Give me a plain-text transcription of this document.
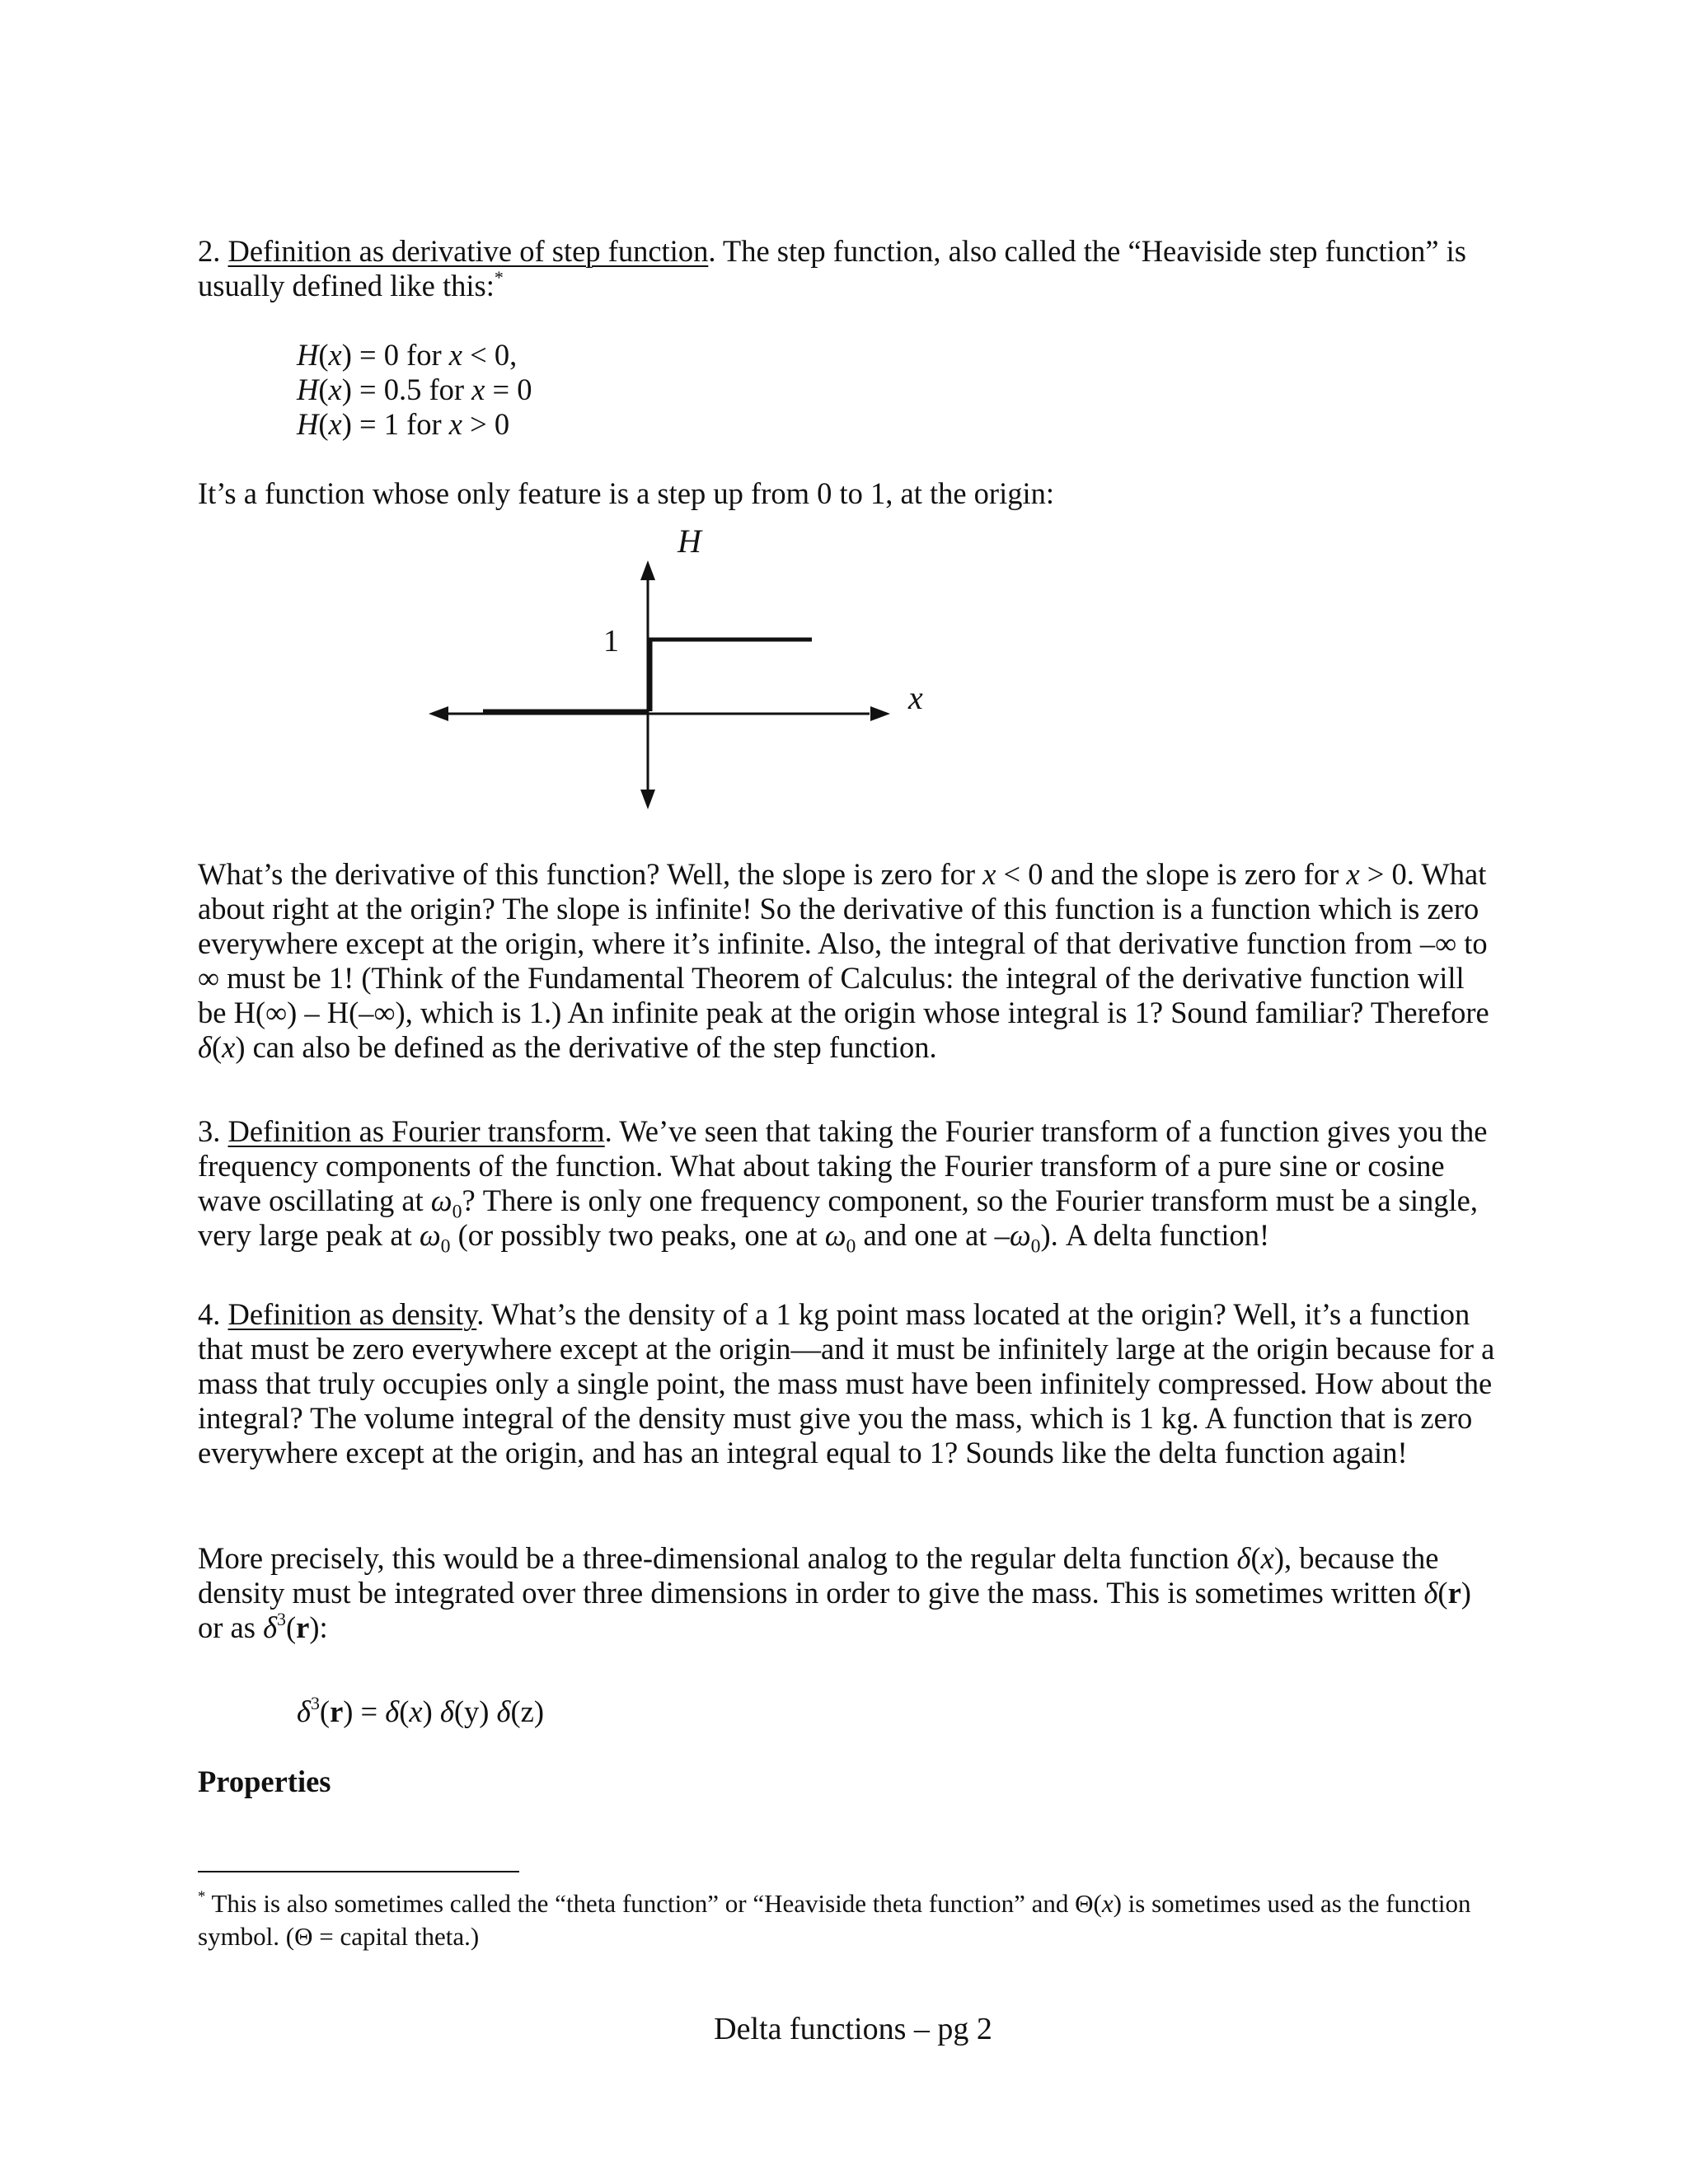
2. Definition as derivative of step function. The step function, also called the “Heaviside step function” is usually defined like this:*
H(x) = 0 for x < 0,
H(x) = 0.5 for x = 0
H(x) = 1 for x > 0
It’s a function whose only feature is a step up from 0 to 1, at the origin:
H
x
1
What’s the derivative of this function? Well, the slope is zero for x < 0 and the slope is zero for x > 0. What about right at the origin? The slope is infinite! So the derivative of this function is a function which is zero everywhere except at the origin, where it’s infinite. Also, the integral of that derivative function from –∞ to ∞ must be 1! (Think of the Fundamental Theorem of Calculus: the integral of the derivative function will be H(∞) – H(–∞), which is 1.) An infinite peak at the origin whose integral is 1? Sound familiar? Therefore δ(x) can also be defined as the derivative of the step function.
3. Definition as Fourier transform. We’ve seen that taking the Fourier transform of a function gives you the frequency components of the function. What about taking the Fourier transform of a pure sine or cosine wave oscillating at $\omega_0$? There is only one frequency component, so the Fourier transform must be a single, very large peak at $\omega_0$ (or possibly two peaks, one at $\omega_0$ and one at $-\omega_0$). A delta function!
4. Definition as density. What’s the density of a 1 kg point mass located at the origin? Well, it’s a function that must be zero everywhere except at the origin—and it must be infinitely large at the origin because for a mass that truly occupies only a single point, the mass must have been infinitely compressed. How about the integral? The volume integral of the density must give you the mass, which is 1 kg. A function that is zero everywhere except at the origin, and has an integral equal to 1? Sounds like the delta function again!
More precisely, this would be a three-dimensional analog to the regular delta function δ(x), because the density must be integrated over three dimensions in order to give the mass. This is sometimes written δ(r) or as $\delta^3(r)$:
$\delta^3(r) = \delta(x)$ δ(y) δ(z)
Properties
* This is also sometimes called the “theta function” or “Heaviside theta function” and Θ(x) is sometimes used as the function symbol. (Θ = capital theta.)
Delta functions – pg 2
